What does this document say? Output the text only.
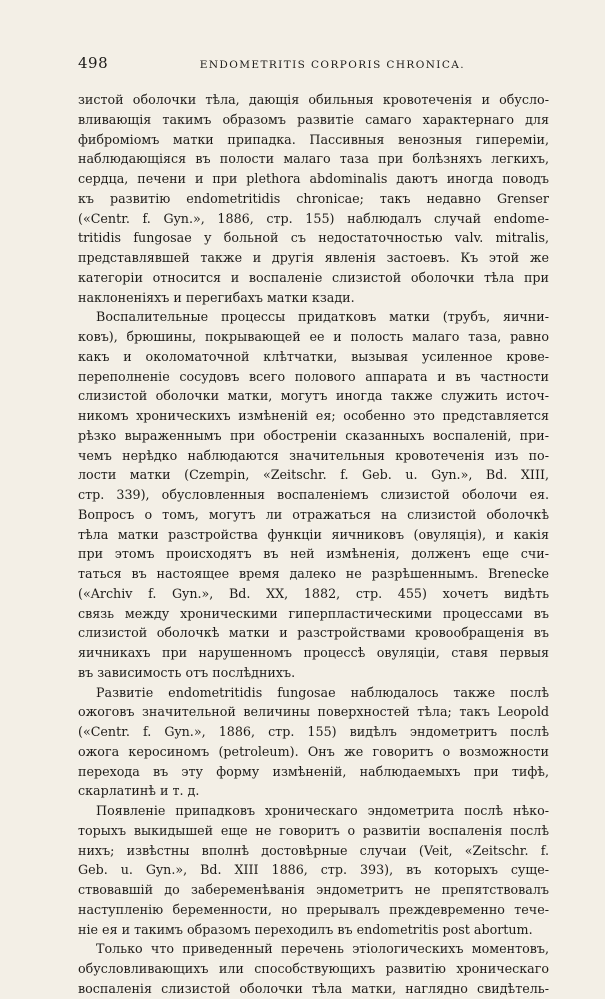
498	ENDOMETRITIS CORPORIS CHRONICA.
зистой оболочки тѣла, дающія обильныя кровотеченія и обусло-
вливающія такимъ образомъ развитіе самаго характернаго для
фиброміомъ матки припадка. Пассивныя венозныя гипереміи,
наблюдающіяся въ полости малаго таза при болѣзняхъ легкихъ,
сердца, печени и при plethora abdominalis даютъ иногда поводъ
къ развитію endometritidis chronicae; такъ недавно Grenser
(«Centr. f. Gyn.», 1886, стр. 155) наблюдалъ случай endome-
tritidis fungosae у больной съ недостаточностью valv. mitralis,
представлявшей также и другія явленія застоевъ. Къ этой же
категоріи относится и воспаленіе слизистой оболочки тѣла при
наклоненіяхъ и перегибахъ матки кзади.
Воспалительные процессы придатковъ матки (трубъ, яични-
ковъ), брюшины, покрывающей ее и полость малаго таза, равно
какъ и околоматочной клѣтчатки, вызывая усиленное крове-
переполненіе сосудовъ всего полового аппарата и въ частности
слизистой оболочки матки, могутъ иногда также служить источ-
никомъ хроническихъ измѣненій ея; особенно это представляется
рѣзко выраженнымъ при обостреніи сказанныхъ воспаленій, при-
чемъ нерѣдко наблюдаются значительныя кровотеченія изъ по-
лости матки (Czempin, «Zeitschr. f. Geb. u. Gyn.», Bd. XIII,
стр. 339), обусловленныя воспаленіемъ слизистой оболочи ея.
Вопросъ о томъ, могутъ ли отражаться на слизистой оболочкѣ
тѣла матки разстройства функціи яичниковъ (овуляція), и какія
при этомъ происходятъ въ ней измѣненія, долженъ еще счи-
таться въ настоящее время далеко не разрѣшеннымъ. Brenecke
(«Archiv f. Gyn.», Bd. XX, 1882, стр. 455) хочетъ видѣть
связь между хроническими гиперпластическими процессами въ
слизистой оболочкѣ матки и разстройствами кровообращенія въ
яичникахъ при нарушенномъ процессѣ овуляціи, ставя первыя
въ зависимость отъ послѣднихъ.
Развитіе endometritidis fungosae наблюдалось также послѣ
ожоговъ значительной величины поверхностей тѣла; такъ Leopold
(«Centr. f. Gyn.», 1886, стр. 155) видѣлъ эндометритъ послѣ
ожога керосиномъ (petroleum). Онъ же говоритъ о возможности
перехода въ эту форму измѣненій, наблюдаемыхъ при тифѣ,
скарлатинѣ и т. д.
Появленіе припадковъ хроническаго эндометрита послѣ нѣко-
торыхъ выкидышей еще не говоритъ о развитіи воспаленія послѣ
нихъ; извѣстны вполнѣ достовѣрные случаи (Veit, «Zeitschr. f.
Geb. u. Gyn.», Bd. XIII 1886, стр. 393), въ которыхъ суще-
ствовавшій до забеременѣванія эндометритъ не препятствовалъ
наступленію беременности, но прерывалъ преждевременно тече-
ніе ея и такимъ образомъ переходилъ въ endometritis post abortum.
Только что приведенный перечень этіологическихъ моментовъ,
обусловливающихъ или способствующихъ развитію хроническаго
воспаленія слизистой оболочки тѣла матки, наглядно свидѣтель-
